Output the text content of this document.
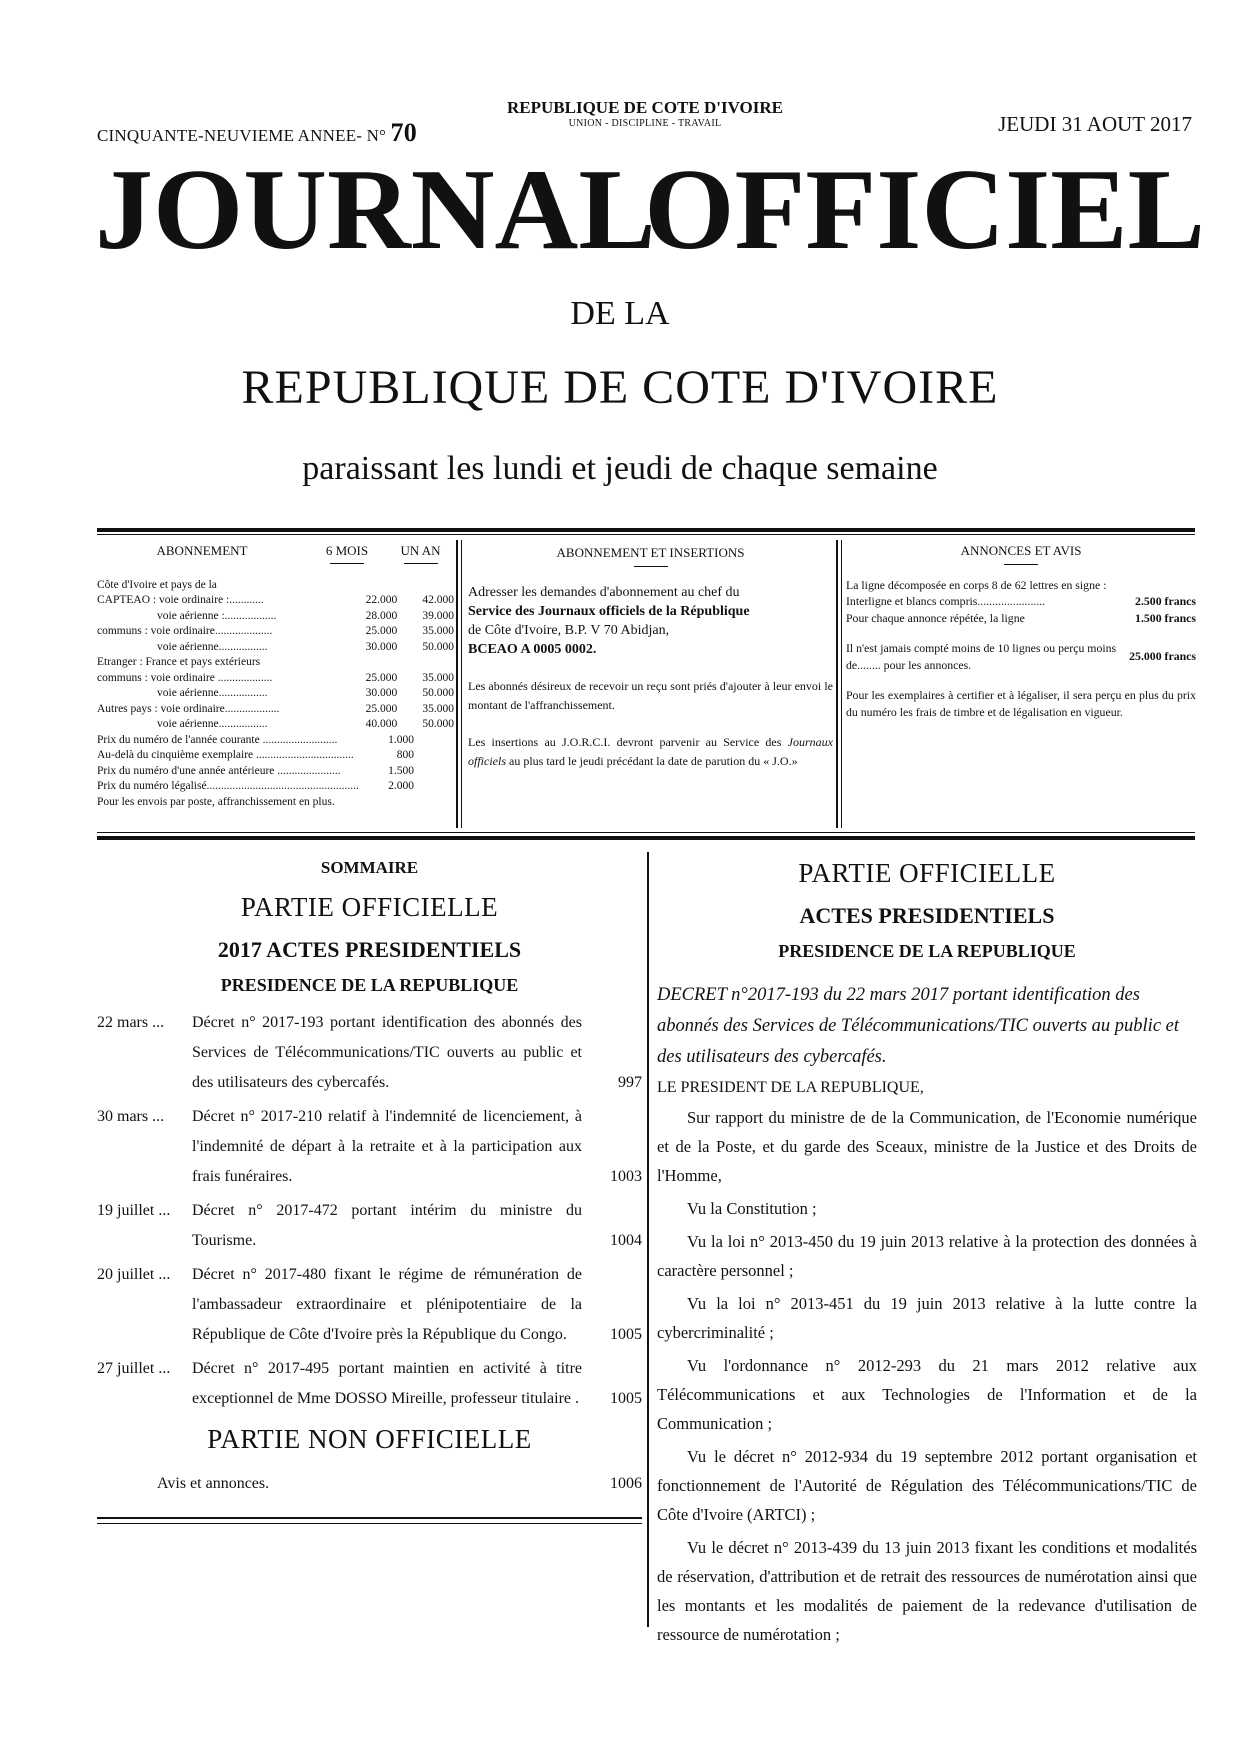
CINQUANTE-NEUVIEME ANNEE- N° 70
REPUBLIQUE DE COTE D'IVOIRE
UNION - DISCIPLINE - TRAVAIL	JEUDI 31 AOUT 2017
JOURNAL
OFFICIEL
DE LA
REPUBLIQUE DE COTE D'IVOIRE
paraissant les lundi et jeudi de chaque semaine
ABONNEMENT	6 MOIS	UN AN
Côte d'Ivoire et pays de la
CAPTEAO : voie ordinaire :............	22.000	42.000
voie aérienne :..................	28.000	39.000
communs : voie ordinaire....................	25.000	35.000
voie aérienne.................	30.000	50.000
Etranger : France et pays extérieurs		
communs : voie ordinaire ...................	25.000	35.000
voie aérienne.................	30.000	50.000
Autres pays : voie ordinaire...................	25.000	35.000
voie aérienne.................	40.000	50.000
Prix du numéro de l'année courante ..........................	1.000
Au-delà du cinquième exemplaire ..................................	800
Prix du numéro d'une année antérieure ......................	1.500
Prix du numéro légalisé.....................................................	2.000
Pour les envois par poste, affranchissement en plus.
ABONNEMENT ET INSERTIONS
Adresser les demandes d'abonnement au chef du
Service des Journaux officiels de la République
de Côte d'Ivoire, B.P. V 70 Abidjan,
BCEAO A 0005 0002.
Les abonnés désireux de recevoir un reçu sont priés d'ajouter à leur envoi le montant de l'affranchissement.
Les insertions au J.O.R.C.I. devront parvenir au Service des Journaux officiels au plus tard le jeudi précédant la date de parution du « J.O.»
ANNONCES ET AVIS
La ligne décomposée en corps 8 de 62 lettres en signe : Interligne et blancs compris.......................	2.500 francs
Pour chaque annonce répétée, la ligne	1.500 francs
Il n'est jamais compté moins de 10 lignes ou perçu moins de........ pour les annonces.	25.000 francs
Pour les exemplaires à certifier et à légaliser, il sera perçu en plus du prix du numéro les frais de timbre et de légalisation en vigueur.
SOMMAIRE
PARTIE OFFICIELLE
2017 ACTES PRESIDENTIELS
PRESIDENCE DE LA REPUBLIQUE
22 mars ... Décret n° 2017-193 portant identification des abonnés des Services de Télécommunications/TIC ouverts au public et des utilisateurs des cybercafés.	997
30 mars ... Décret n° 2017-210 relatif à l'indemnité de licenciement, à l'indemnité de départ à la retraite et à la participation aux frais funéraires.	1003
19 juillet ... Décret n° 2017-472 portant intérim du ministre du Tourisme.	1004
20 juillet ... Décret n° 2017-480 fixant le régime de rémunération de l'ambassadeur extraordinaire et plénipotentiaire de la République de Côte d'Ivoire près la République du Congo.	1005
27 juillet ... Décret n° 2017-495 portant maintien en activité à titre exceptionnel de Mme DOSSO Mireille, professeur titulaire . 1005
PARTIE NON OFFICIELLE
Avis et annonces.	1006
PARTIE OFFICIELLE
ACTES PRESIDENTIELS
PRESIDENCE DE LA REPUBLIQUE
DECRET n°2017-193 du 22 mars 2017 portant identification des abonnés des Services de Télécommunications/TIC ouverts au public et des utilisateurs des cybercafés.
LE PRESIDENT DE LA REPUBLIQUE,

Sur rapport du ministre de de la Communication, de l'Economie numérique et de la Poste, et du garde des Sceaux, ministre de la Justice et des Droits de l'Homme,

Vu la Constitution ;

Vu la loi n° 2013-450 du 19 juin 2013 relative à la protection des données à caractère personnel ;

Vu la loi n° 2013-451 du 19 juin 2013 relative à la lutte contre la cybercriminalité ;

Vu l'ordonnance n° 2012-293 du 21 mars 2012 relative aux Télécommunications et aux Technologies de l'Information et de la Communication ;

Vu le décret n° 2012-934 du 19 septembre 2012 portant organisation et fonctionnement de l'Autorité de Régulation des Télécommunications/TIC de Côte d'Ivoire (ARTCI) ;

Vu le décret n° 2013-439 du 13 juin 2013 fixant les conditions et modalités de réservation, d'attribution et de retrait des ressources de numérotation ainsi que les montants et les modalités de paiement de la redevance d'utilisation de ressource de numérotation ;
